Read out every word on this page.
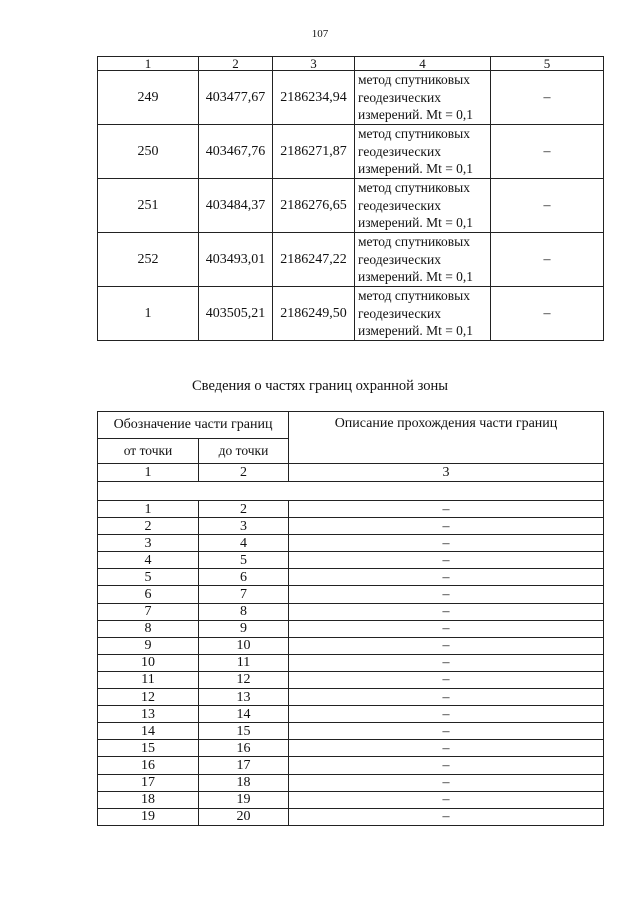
107
1	2	3	4	5
249	403477,67	2186234,94	метод спутниковых
геодезических
измерений. Mt = 0,1	–
250	403467,76	2186271,87	метод спутниковых
геодезических
измерений. Mt = 0,1	–
251	403484,37	2186276,65	метод спутниковых
геодезических
измерений. Mt = 0,1	–
252	403493,01	2186247,22	метод спутниковых
геодезических
измерений. Mt = 0,1	–
1	403505,21	2186249,50	метод спутниковых
геодезических
измерений. Mt = 0,1	–
Сведения о частях границ охранной зоны
Обозначение части границ		Описание прохождения части границ
от точки	до точки	
1	2	3

1	2	–
2	3	–
3	4	–
4	5	–
5	6	–
6	7	–
7	8	–
8	9	–
9	10	–
10	11	–
11	12	–
12	13	–
13	14	–
14	15	–
15	16	–
16	17	–
17	18	–
18	19	–
19	20	–
